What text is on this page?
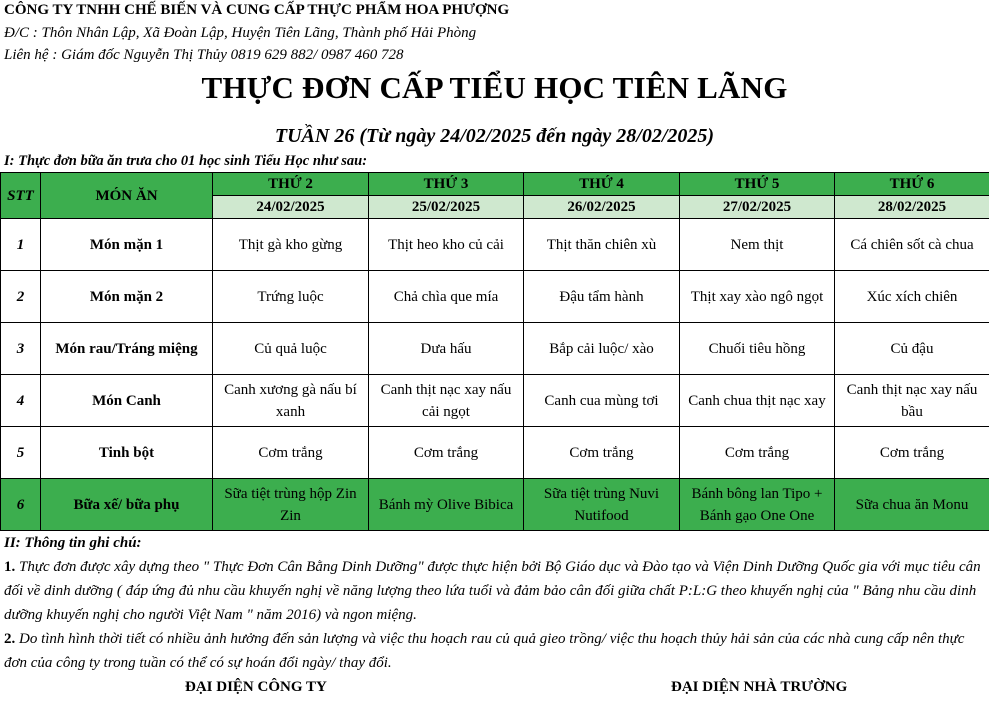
CÔNG TY TNHH CHẾ BIẾN VÀ CUNG CẤP THỰC PHẨM HOA PHƯỢNG
Đ/C : Thôn Nhân Lập, Xã Đoàn Lập, Huyện Tiên Lãng, Thành phố Hải Phòng
Liên hệ : Giám đốc Nguyễn Thị Thủy 0819 629 882/ 0987 460 728
THỰC ĐƠN CẤP TIỂU HỌC TIÊN LÃNG
TUẦN 26 (Từ ngày 24/02/2025 đến ngày 28/02/2025)
I: Thực đơn bữa ăn trưa cho 01 học sinh Tiểu Học như sau:
STT	MÓN ĂN	THỨ 2	THỨ 3	THỨ 4	THỨ 5	THỨ 6
		24/02/2025	25/02/2025	26/02/2025	27/02/2025	28/02/2025
1	Món mặn 1	Thịt gà kho gừng	Thịt heo kho củ cải	Thịt thăn chiên xù	Nem thịt	Cá chiên sốt cà chua
2	Món mặn 2	Trứng luộc	Chả chìa que mía	Đậu tẩm hành	Thịt xay xào ngô ngọt	Xúc xích chiên
3	Món rau/Tráng miệng	Củ quả luộc	Dưa hấu	Bắp cải luộc/ xào	Chuối tiêu hồng	Củ đậu
4	Món Canh	Canh xương gà nấu bí xanh	Canh thịt nạc xay nấu cải ngọt	Canh cua mùng tơi	Canh chua thịt nạc xay	Canh thịt nạc xay nấu bầu
5	Tinh bột	Cơm trắng	Cơm trắng	Cơm trắng	Cơm trắng	Cơm trắng
6	Bữa xế/ bữa phụ	Sữa tiệt trùng hộp Zin Zin	Bánh mỳ Olive Bibica	Sữa tiệt trùng Nuvi Nutifood	Bánh bông lan Tipo + Bánh gạo One One	Sữa chua ăn Monu

II: Thông tin ghi chú:

1. Thực đơn được xây dựng theo " Thực Đơn Cân Bằng Dinh Dưỡng" được thực hiện bởi Bộ Giáo dục và Đào tạo và Viện Dinh Dưỡng Quốc gia với mục tiêu cân đối về dinh dưỡng ( đáp ứng đủ nhu cầu khuyến nghị về năng lượng theo lứa tuổi và đảm bảo cân đối giữa chất P:L:G theo khuyến nghị của " Bảng nhu cầu dinh dưỡng khuyến nghị cho người Việt Nam " năm 2016) và ngon miệng.

2. Do tình hình thời tiết có nhiều ảnh hưởng đến sản lượng và việc thu hoạch rau củ quả gieo trồng/ việc thu hoạch thủy hải sản của các nhà cung cấp nên thực đơn của công ty trong tuần có thể có sự hoán đổi ngày/ thay đổi.

ĐẠI DIỆN CÔNG TY	ĐẠI DIỆN NHÀ TRƯỜNG
